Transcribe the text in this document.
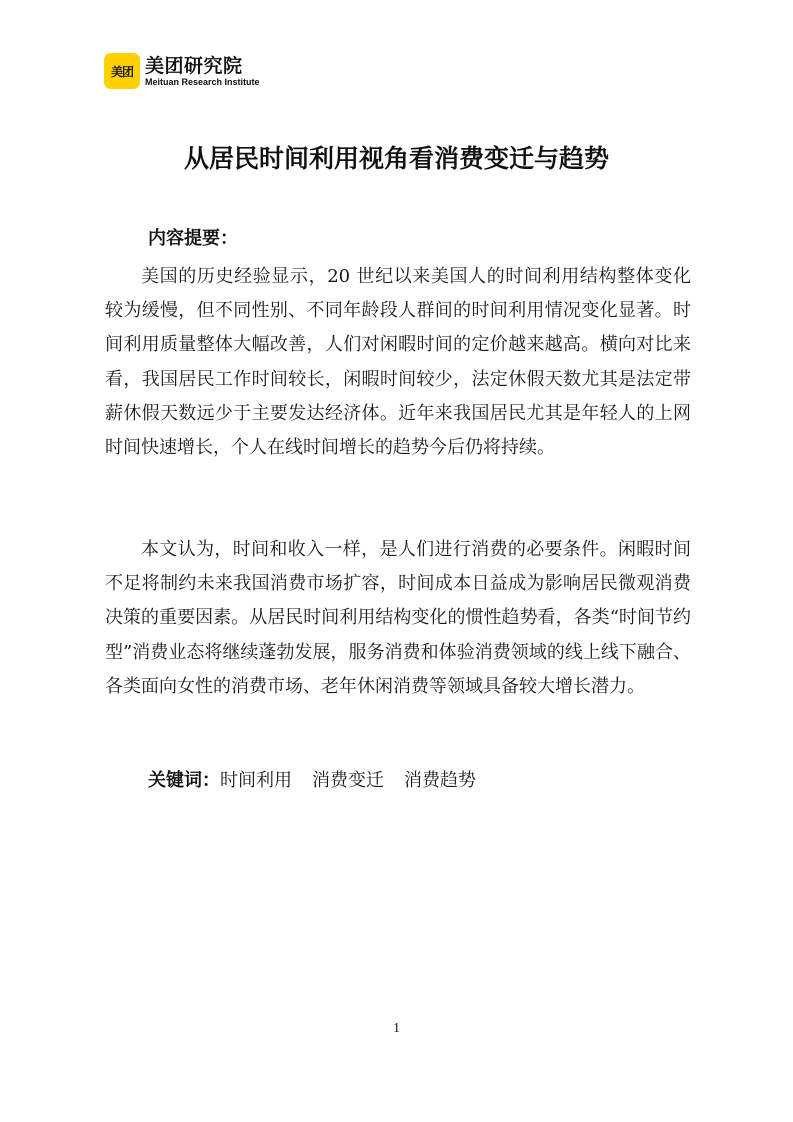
美团 美团研究院
Meituan Research Institute
从居民时间利用视角看消费变迁与趋势
内容提要：

美国的历史经验显示，20 世纪以来美国人的时间利用结构整体变化较为缓慢，但不同性别、不同年龄段人群间的时间利用情况变化显著。时间利用质量整体大幅改善，人们对闲暇时间的定价越来越高。横向对比来看，我国居民工作时间较长，闲暇时间较少，法定休假天数尤其是法定带薪休假天数远少于主要发达经济体。近年来我国居民尤其是年轻人的上网时间快速增长，个人在线时间增长的趋势今后仍将持续。

本文认为，时间和收入一样，是人们进行消费的必要条件。闲暇时间不足将制约未来我国消费市场扩容，时间成本日益成为影响居民微观消费决策的重要因素。从居民时间利用结构变化的惯性趋势看，各类“时间节约型”消费业态将继续蓬勃发展，服务消费和体验消费领域的线上线下融合、各类面向女性的消费市场、老年休闲消费等领域具备较大增长潜力。

关键词：时间利用 消费变迁 消费趋势
1
